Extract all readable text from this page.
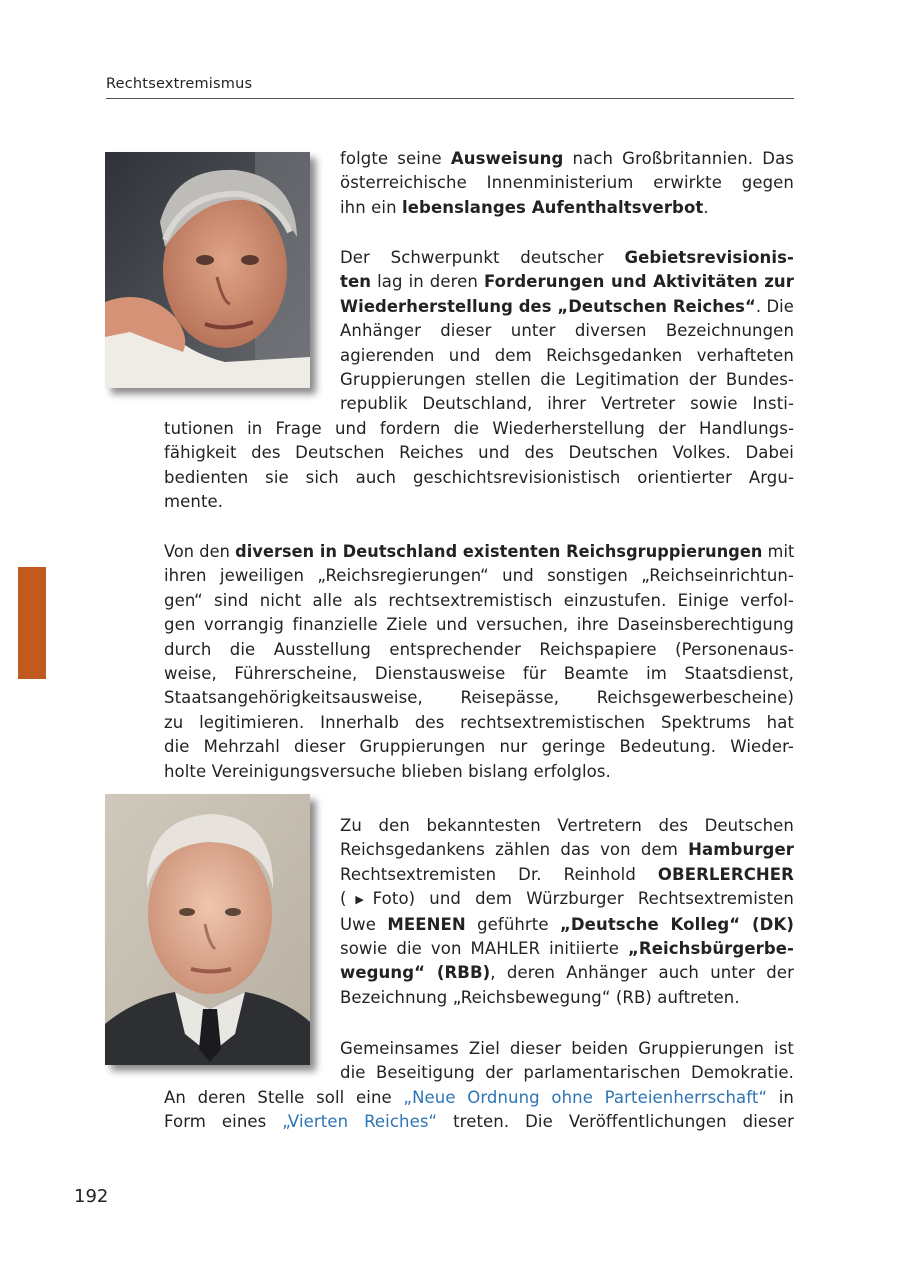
Rechtsextremismus
folgte seine Ausweisung nach Großbritannien. Das
österreichische Innenministerium erwirkte gegen
ihn ein lebenslanges Aufenthaltsverbot.
Der Schwerpunkt deutscher Gebietsrevisionis-
ten lag in deren Forderungen und Aktivitäten zur
Wiederherstellung des „Deutschen Reiches“. Die
Anhänger dieser unter diversen Bezeichnungen
agierenden und dem Reichsgedanken verhafteten
Gruppierungen stellen die Legitimation der Bundes-
republik Deutschland, ihrer Vertreter sowie Insti-
tutionen in Frage und fordern die Wiederherstellung der Handlungs-
fähigkeit des Deutschen Reiches und des Deutschen Volkes. Dabei
bedienten sie sich auch geschichtsrevisionistisch orientierter Argu-
mente.
Von den diversen in Deutschland existenten Reichsgruppierungen mit
ihren jeweiligen „Reichsregierungen“ und sonstigen „Reichseinrichtun-
gen“ sind nicht alle als rechtsextremistisch einzustufen. Einige verfol-
gen vorrangig finanzielle Ziele und versuchen, ihre Daseinsberechtigung
durch die Ausstellung entsprechender Reichspapiere (Personenaus-
weise, Führerscheine, Dienstausweise für Beamte im Staatsdienst,
Staatsangehörigkeitsausweise, Reisepässe, Reichsgewerbescheine)
zu legitimieren. Innerhalb des rechtsextremistischen Spektrums hat
die Mehrzahl dieser Gruppierungen nur geringe Bedeutung. Wieder-
holte Vereinigungsversuche blieben bislang erfolglos.
Zu den bekanntesten Vertretern des Deutschen
Reichsgedankens zählen das von dem Hamburger
Rechtsextremisten Dr. Reinhold OBERLERCHER
(▶Foto) und dem Würzburger Rechtsextremisten
Uwe MEENEN geführte „Deutsche Kolleg“ (DK)
sowie die von MAHLER initiierte „Reichsbürgerbe-
wegung“ (RBB), deren Anhänger auch unter der
Bezeichnung „Reichsbewegung“ (RB) auftreten.
Gemeinsames Ziel dieser beiden Gruppierungen ist
die Beseitigung der parlamentarischen Demokratie.
An deren Stelle soll eine „Neue Ordnung ohne Parteienherrschaft“ in
Form eines „Vierten Reiches“ treten. Die Veröffentlichungen dieser
192
